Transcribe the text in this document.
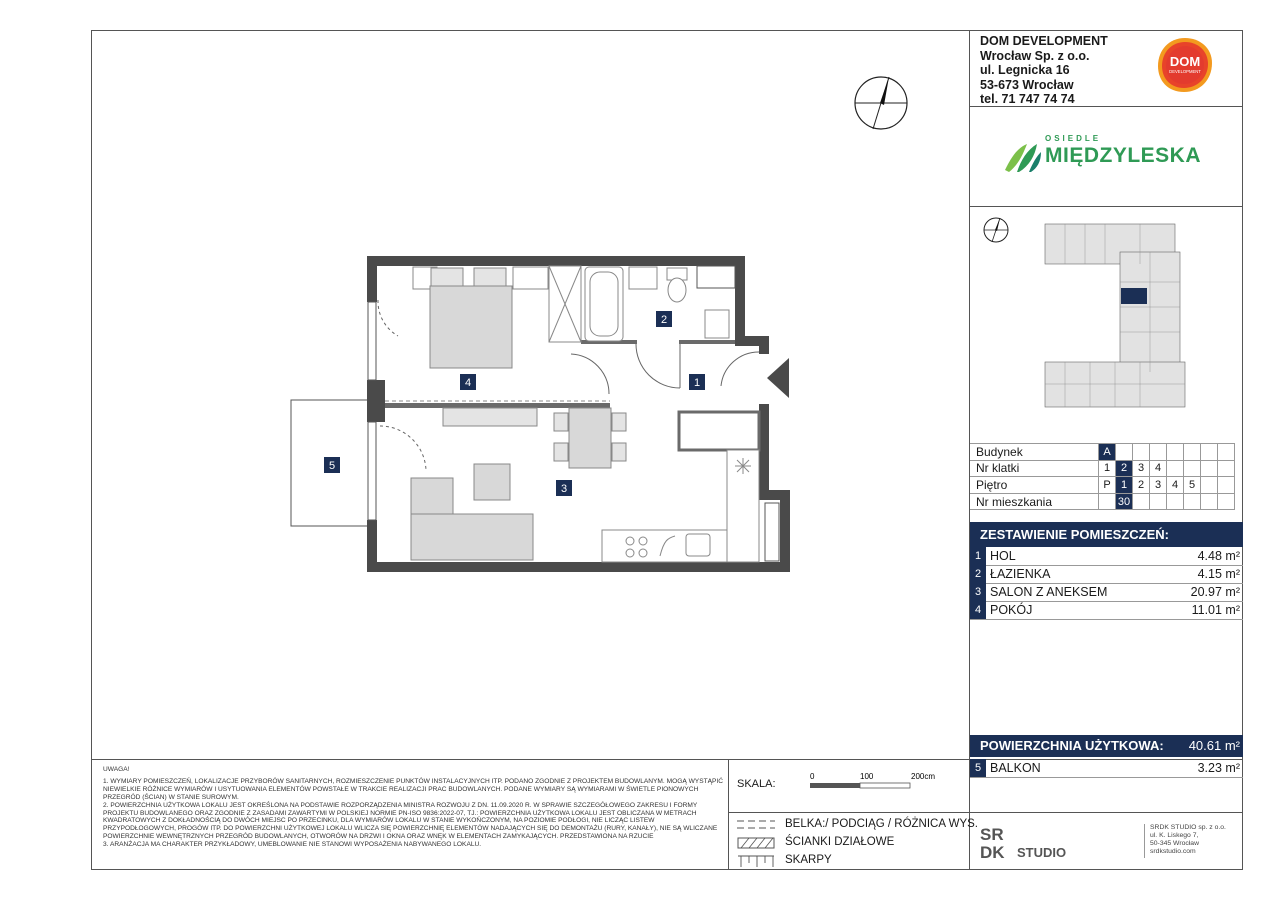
DOM DEVELOPMENT
Wrocław Sp. z o.o.
ul. Legnicka 16
53-673 Wrocław
tel. 71 747 74 74
DOM
DEVELOPMENT
OSIEDLE
MIĘDZYLESKA
Budynek	A							
Nr klatki	1	2	3	4				
Piętro	P	1	2	3	4	5		
Nr mieszkania		30						
ZESTAWIENIE POMIESZCZEŃ:
1 HOL	4.48 m²
2 ŁAZIENKA	4.15 m²
3 SALON Z ANEKSEM	20.97 m²
4 POKÓJ	11.01 m²
POWIERZCHNIA UŻYTKOWA: 40.61 m²
5 BALKON	3.23 m²
2
1
4
3
5

UWAGA!

1. WYMIARY POMIESZCZEŃ, LOKALIZACJE PRZYBORÓW SANITARNYCH, ROZMIESZCZENIE PUNKTÓW INSTALACYJNYCH ITP. PODANO ZGODNIE Z PROJEKTEM BUDOWLANYM. MOGĄ WYSTĄPIĆ NIEWIELKIE RÓŻNICE WYMIARÓW I USYTUOWANIA ELEMENTÓW POWSTAŁE W TRAKCIE REALIZACJI PRAC BUDOWLANYCH. PODANE WYMIARY SĄ WYMIARAMI W ŚWIETLE PIONOWYCH PRZEGRÓD (ŚCIAN) W STANIE SUROWYM.

2. POWIERZCHNIA UŻYTKOWA LOKALU JEST OKREŚLONA NA PODSTAWIE ROZPORZĄDZENIA MINISTRA ROZWOJU Z DN. 11.09.2020 R. W SPRAWIE SZCZEGÓŁOWEGO ZAKRESU I FORMY PROJEKTU BUDOWLANEGO ORAZ ZGODNIE Z ZASADAMI ZAWARTYMI W POLSKIEJ NORMIE PN-ISO 9836:2022-07, TJ.: POWIERZCHNIA UŻYTKOWA LOKALU JEST OBLICZANA W METRACH KWADRATOWYCH Z DOKŁADNOŚCIĄ DO DWÓCH MIEJSC PO PRZECINKU, DLA WYMIARÓW LOKALU W STANIE WYKOŃCZONYM, NA POZIOMIE PODŁOGI, NIE LICZĄC LISTEW PRZYPODŁOGOWYCH, PROGÓW ITP. DO POWIERZCHNI UŻYTKOWEJ LOKALU WLICZA SIĘ POWIERZCHNIĘ ELEMENTÓW NADAJĄCYCH SIĘ DO DEMONTAŻU (RURY, KANAŁY), NIE SĄ WLICZANE POWIERZCHNIE WEWNĘTRZNYCH PRZEGRÓD BUDOWLANYCH, OTWORÓW NA DRZWI I OKNA ORAZ WNĘK W ELEMENTACH ZAMYKAJĄCYCH. PRZEDSTAWIONA NA RZUCIE

3. ARANŻACJA MA CHARAKTER PRZYKŁADOWY, UMEBLOWANIE NIE STANOWI WYPOSAŻENIA NABYWANEGO LOKALU.

SKALA:
0	100	200cm
BELKA:/ PODCIĄG / RÓŻNICA WYS.
ŚCIANKI DZIAŁOWE
SKARPY
SR
DK STUDIO
SRDK STUDIO sp. z o.o.
ul. K. Liskego 7,
50-345 Wrocław
srdkstudio.com
